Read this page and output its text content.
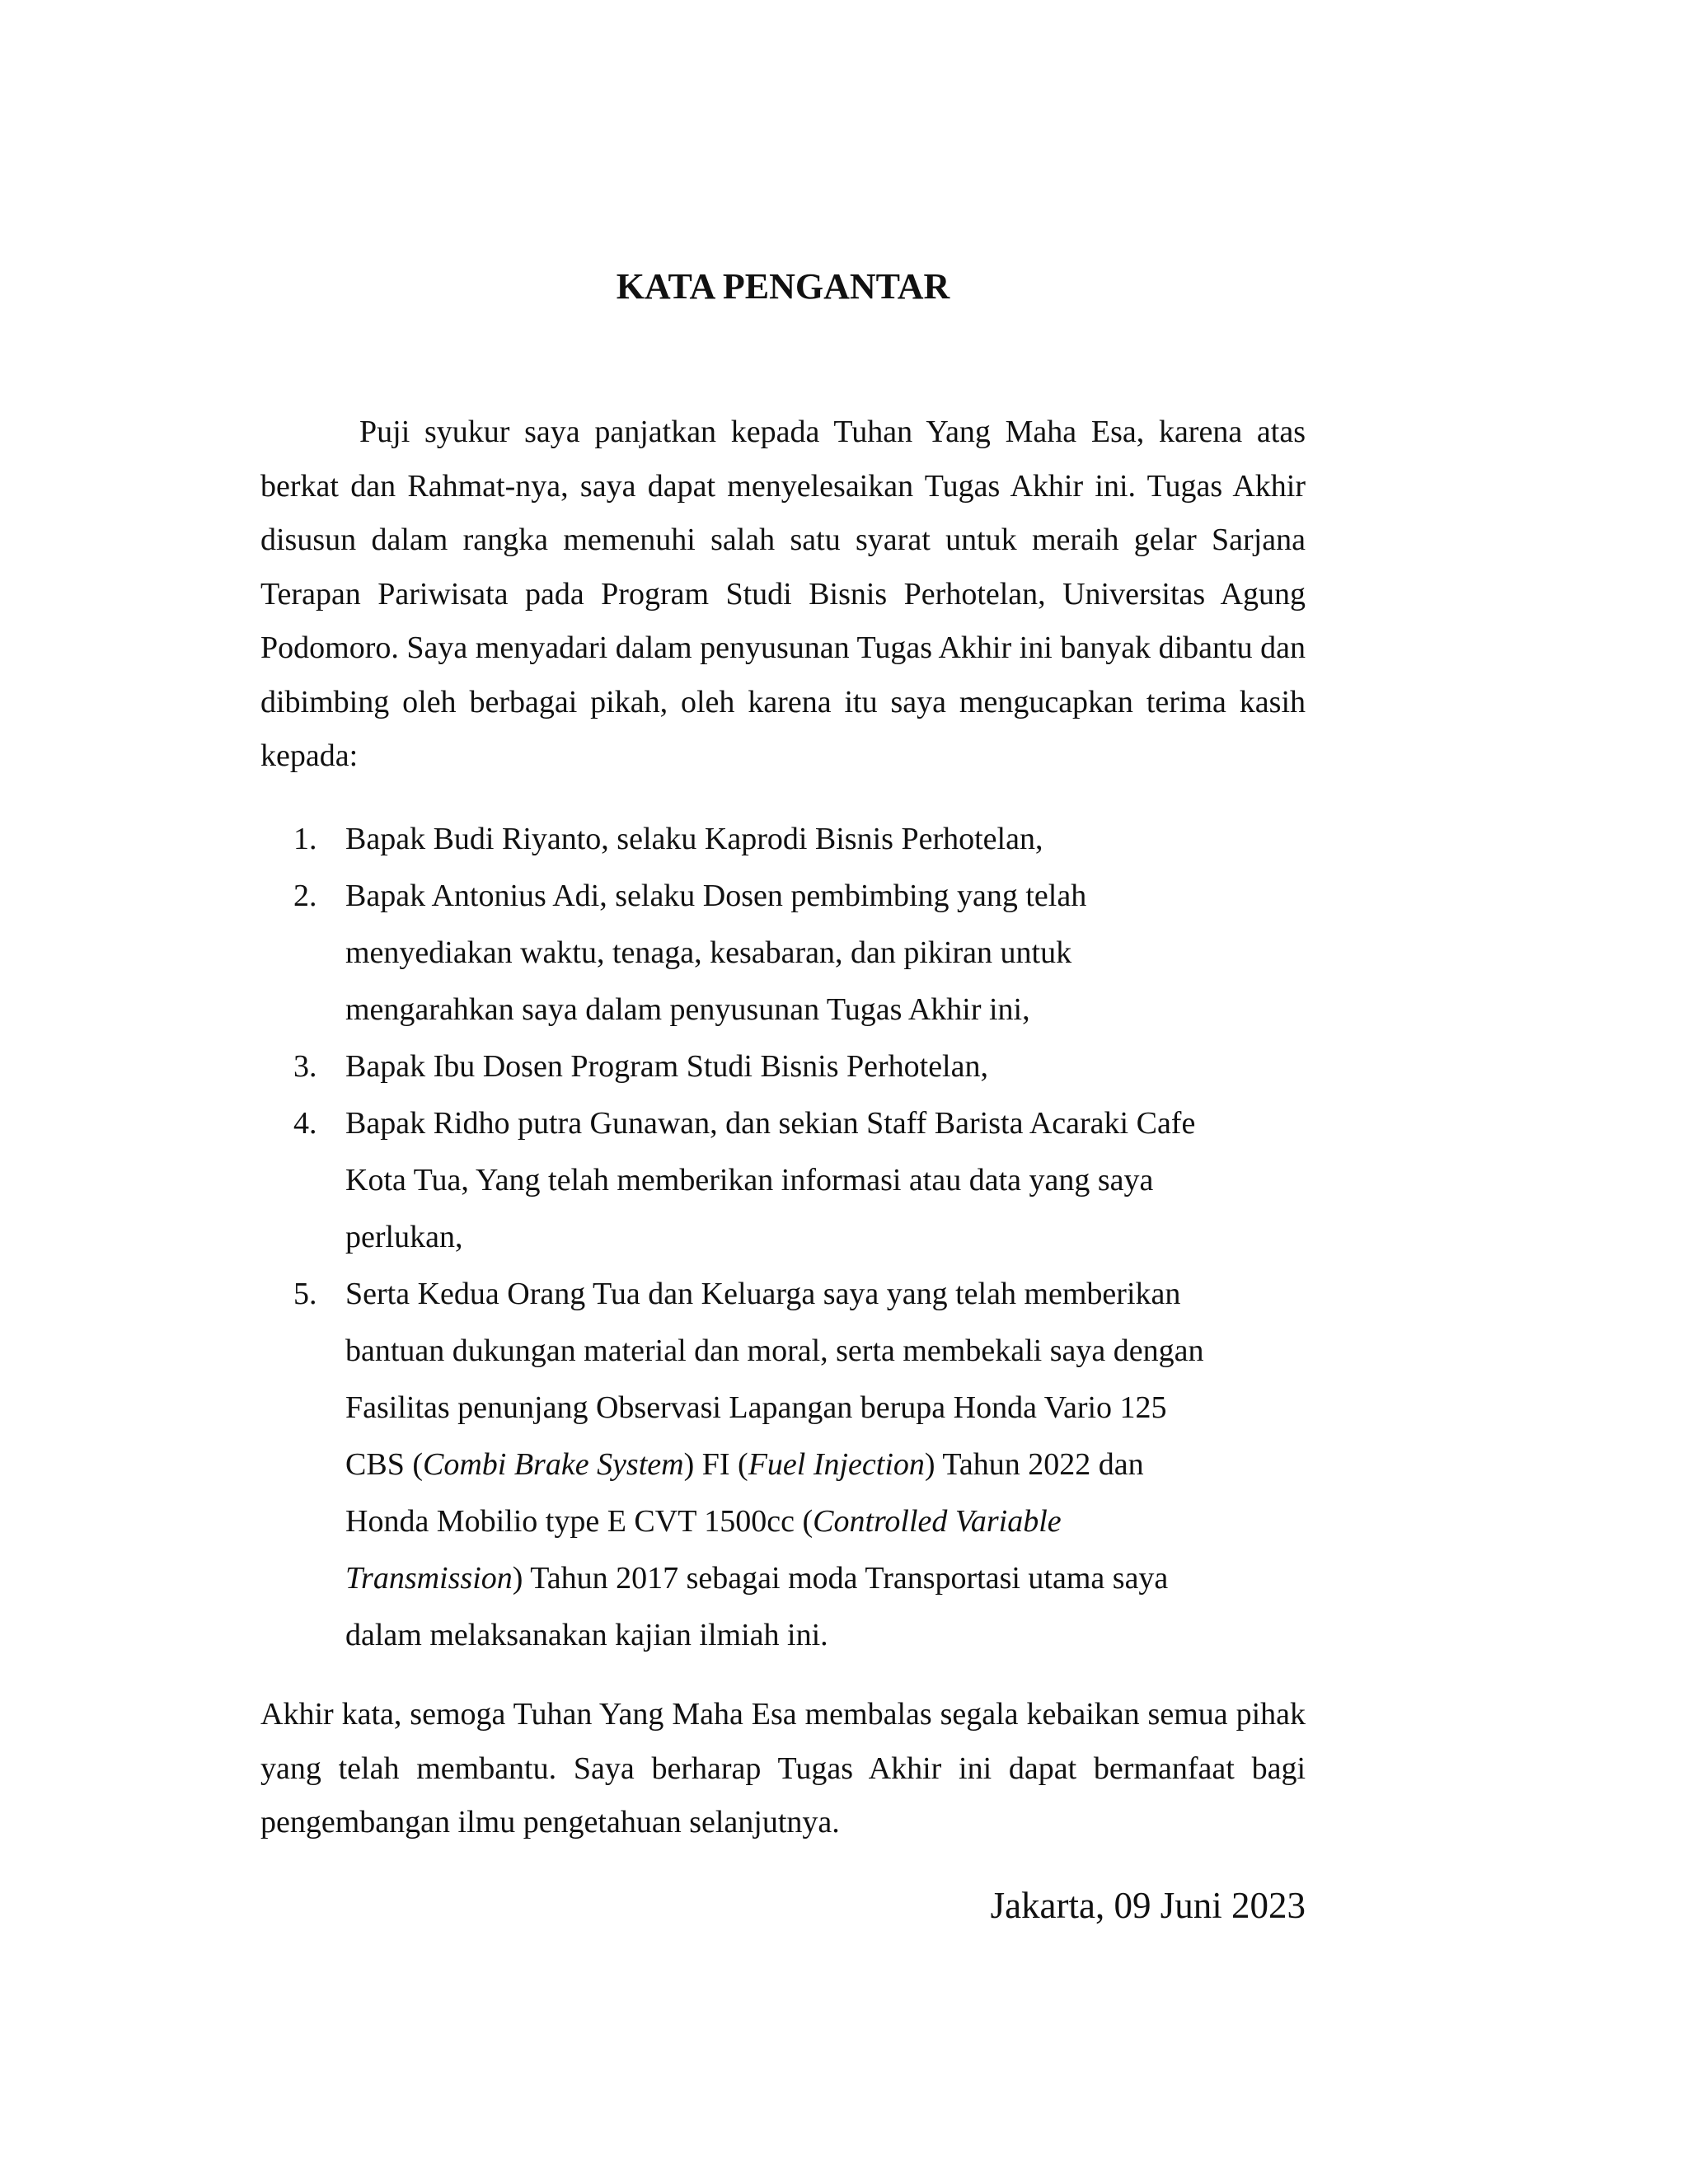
KATA PENGANTAR

Puji syukur saya panjatkan kepada Tuhan Yang Maha Esa, karena atas berkat dan Rahmat-nya, saya dapat menyelesaikan Tugas Akhir ini. Tugas Akhir disusun dalam rangka memenuhi salah satu syarat untuk meraih gelar Sarjana Terapan Pariwisata pada Program Studi Bisnis Perhotelan, Universitas Agung Podomoro. Saya menyadari dalam penyusunan Tugas Akhir ini banyak dibantu dan dibimbing oleh berbagai pikah, oleh karena itu saya mengucapkan terima kasih kepada:

1. Bapak Budi Riyanto, selaku Kaprodi Bisnis Perhotelan,
2. Bapak Antonius Adi, selaku Dosen pembimbing yang telah menyediakan waktu, tenaga, kesabaran, dan pikiran untuk mengarahkan saya dalam penyusunan Tugas Akhir ini,
3. Bapak Ibu Dosen Program Studi Bisnis Perhotelan,
4. Bapak Ridho putra Gunawan, dan sekian Staff Barista Acaraki Cafe Kota Tua, Yang telah memberikan informasi atau data yang saya perlukan,
5. Serta Kedua Orang Tua dan Keluarga saya yang telah memberikan bantuan dukungan material dan moral, serta membekali saya dengan Fasilitas penunjang Observasi Lapangan berupa Honda Vario 125 CBS (Combi Brake System) FI (Fuel Injection) Tahun 2022 dan Honda Mobilio type E CVT 1500cc (Controlled Variable Transmission) Tahun 2017 sebagai moda Transportasi utama saya dalam melaksanakan kajian ilmiah ini.

Akhir kata, semoga Tuhan Yang Maha Esa membalas segala kebaikan semua pihak yang telah membantu. Saya berharap Tugas Akhir ini dapat bermanfaat bagi pengembangan ilmu pengetahuan selanjutnya.

Jakarta, 09 Juni 2023
